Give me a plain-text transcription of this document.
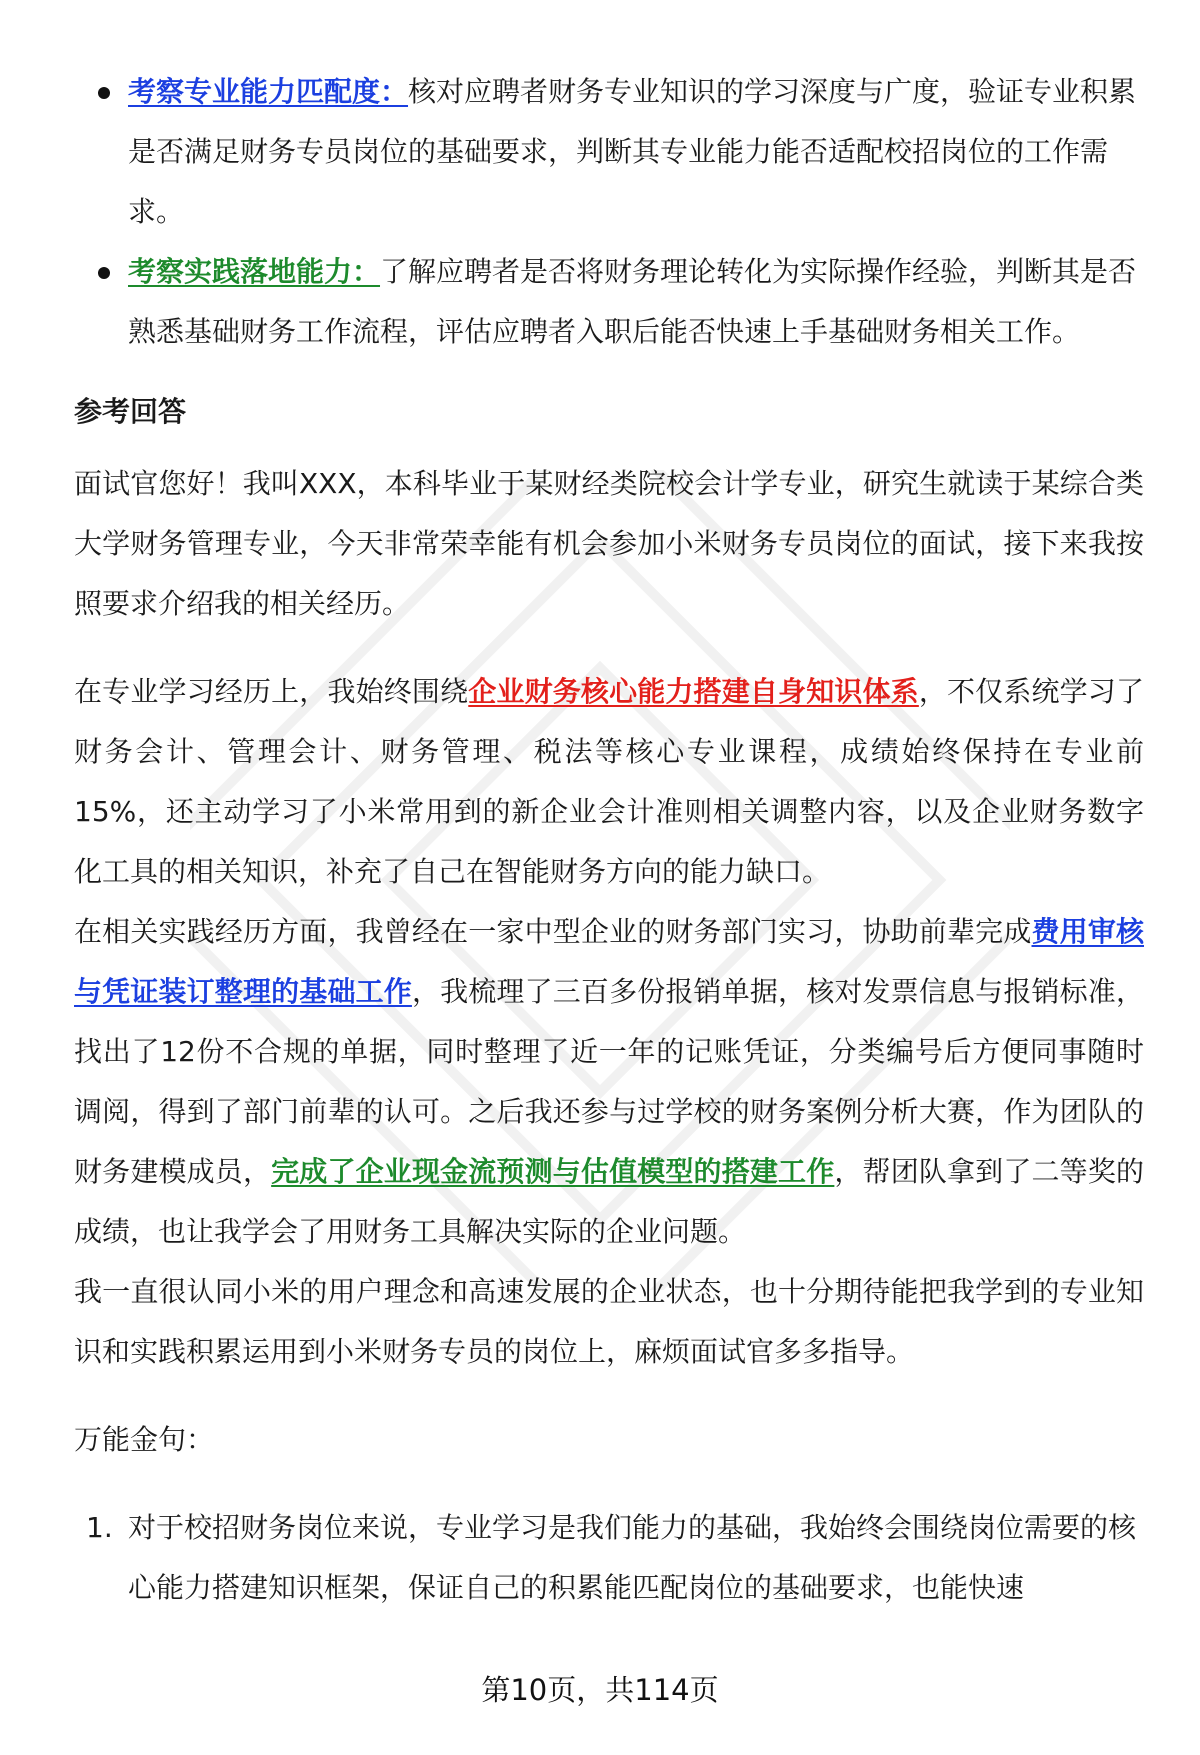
考察专业能力匹配度：核对应聘者财务专业知识的学习深度与广度，验证专业积累是否满足财务专员岗位的基础要求，判断其专业能力能否适配校招岗位的工作需求。
考察实践落地能力：了解应聘者是否将财务理论转化为实际操作经验，判断其是否熟悉基础财务工作流程，评估应聘者入职后能否快速上手基础财务相关工作。
参考回答

面试官您好！我叫XXX，本科毕业于某财经类院校会计学专业，研究生就读于某综合类大学财务管理专业，今天非常荣幸能有机会参加小米财务专员岗位的面试，接下来我按照要求介绍我的相关经历。

在专业学习经历上，我始终围绕企业财务核心能力搭建自身知识体系，不仅系统学习了财务会计、管理会计、财务管理、税法等核心专业课程，成绩始终保持在专业前15%，还主动学习了小米常用到的新企业会计准则相关调整内容，以及企业财务数字化工具的相关知识，补充了自己在智能财务方向的能力缺口。

在相关实践经历方面，我曾经在一家中型企业的财务部门实习，协助前辈完成费用审核与凭证装订整理的基础工作，我梳理了三百多份报销单据，核对发票信息与报销标准，找出了12份不合规的单据，同时整理了近一年的记账凭证，分类编号后方便同事随时调阅，得到了部门前辈的认可。之后我还参与过学校的财务案例分析大赛，作为团队的财务建模成员，完成了企业现金流预测与估值模型的搭建工作，帮团队拿到了二等奖的成绩，也让我学会了用财务工具解决实际的企业问题。

我一直很认同小米的用户理念和高速发展的企业状态，也十分期待能把我学到的专业知识和实践积累运用到小米财务专员的岗位上，麻烦面试官多多指导。

万能金句：

1. 对于校招财务岗位来说，专业学习是我们能力的基础，我始终会围绕岗位需要的核心能力搭建知识框架，保证自己的积累能匹配岗位的基础要求，也能快速
第10页，共114页
